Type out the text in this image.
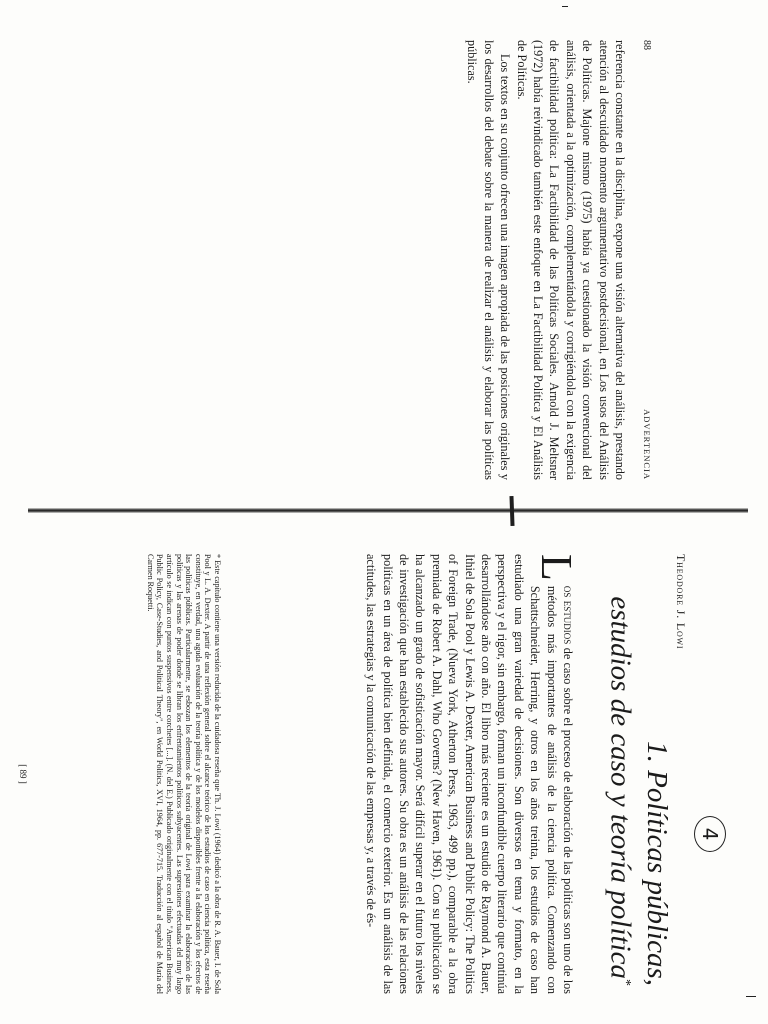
88
ADVERTENCIA

referencia constante en la disciplina, expone una visión alternativa del análisis, prestando atención al descuidado momento argumentativo postdecisional, en Los usos del Análisis de Políticas. Majone mismo (1975) había ya cuestionado la visión convencional del análisis, orientada a la optimización, complementándola y corrigiéndola con la exigencia de factibilidad política: La Factibilidad de las Políticas Sociales. Arnold J. Meltsner (1972) había reivindicado también este enfoque en La Factibilidad Política y El Análisis de Políticas.

Los textos en su conjunto ofrecen una imagen apropiada de las posiciones originales y los desarrollos del debate sobre la manera de realizar el análisis y elaborar las políticas públicas.

4
Theodore J. Lowi
1. Políticas públicas,
estudios de caso y teoría política*

L
os estudios de caso sobre el proceso de elaboración de las políticas son uno de los métodos más importantes de análisis de la ciencia política. Comenzando con Schattschneider, Herring, y otros en los años treinta, los estudios de caso han estudiado una gran variedad de decisiones. Son diversos en tema y formato, en la perspectiva y el rigor, sin embargo, forman un inconfundible cuerpo literario que continúa desarrollándose año con año. El libro más reciente es un estudio de Raymond A. Bauer, Ithiel de Sola Pool y Lewis A. Dexter, American Business and Public Policy: The Politics of Foreign Trade, (Nueva York, Atherton Press, 1963, 499 pp.), comparable a la obra premiada de Robert A. Dahl, Who Governs? (New Haven, 1961). Con su publicación se ha alcanzado un grado de sofisticación mayor. Será difícil superar en el futuro los niveles de investigación que han establecido sus autores. Su obra es un análisis de las relaciones políticas en un área de política bien definida, el comercio exterior. Es un análisis de las actitudes, las estrategias y la comunicación de las empresas y, a través de és-

* Este capítulo contiene una versión reducida de la cuidadosa reseña que Th. J. Lowi (1964) dedicó a la obra de R. A. Bauer, I. de Sola Pool y L. A. Dexter. A partir de una reflexión general sobre el alcance teórico de los estudios de caso en ciencia política, esta reseña constituye, en verdad, una aguda evaluación de la teoría política y de los modelos disponibles frente a la elaboración y los efectos de las políticas públicas. Particularmente, se esbozan los elementos de la teoría original de Lowi para examinar la elaboración de las políticas y las arenas de poder donde se libran los enfrentamientos políticos subyacentes. Las supresiones efectuadas del muy largo artículo se indican con puntos suspensivos entre corchetes [...]. (N. del E.) Publicado originalmente con el título "American Business, Public Policy, Case-Studies, and Political Theory", en World Politics, XVI, 1964, pp. 677-715. Traducción al español de María del Carmen Roquetti.
[ 89 ]
